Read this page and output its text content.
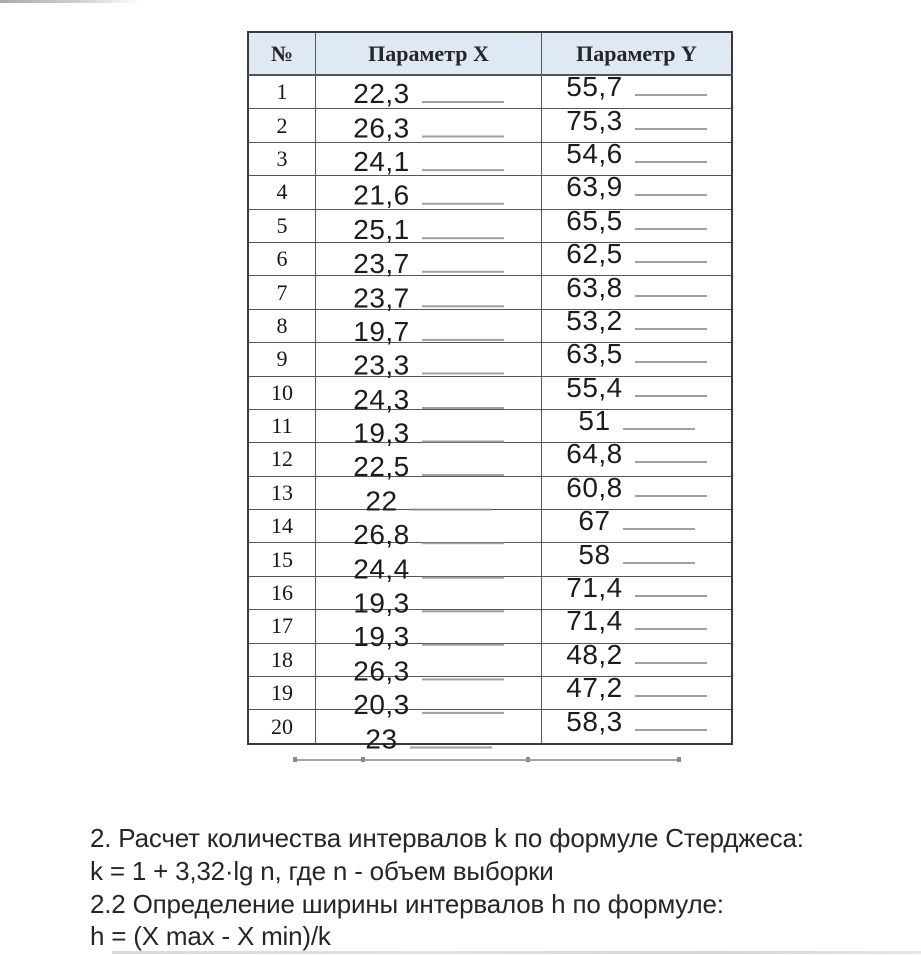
№	Параметр X	Параметр Y
1	22,3	55,7

2	26,3	75,3

3	24,1	54,6

4	21,6	63,9

5	25,1	65,5

6	23,7	62,5

7	23,7	63,8

8	19,7	53,2

9	23,3	63,5

10	24,3	55,4

11	19,3	51

12	22,5	64,8

13	22	60,8

14	26,8	67

15	24,4	58

16	19,3	71,4

17	19,3	71,4

18	26,3	48,2

19	20,3	47,2

20	23	58,3

2. Расчет количества интервалов k по формуле Стерджеса:

k = 1 + 3,32·lg n, где n - объем выборки

2.2 Определение ширины интервалов h по формуле:

h = (X max - X min)/k
